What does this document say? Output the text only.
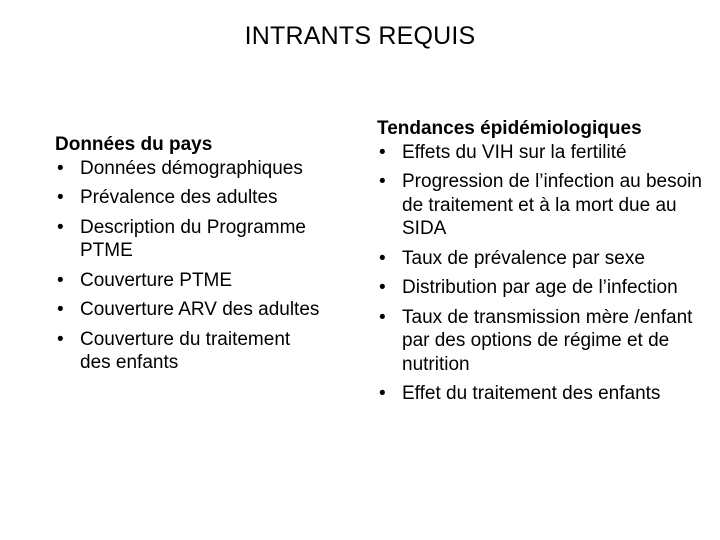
INTRANTS REQUIS
Données du pays
• Données démographiques
• Prévalence des adultes
• Description du Programme PTME
• Couverture PTME
• Couverture ARV des adultes
• Couverture du traitement des enfants
Tendances épidémiologiques
• Effets du VIH sur la fertilité
• Progression de l’infection au besoin de traitement et à la mort due au SIDA
• Taux de prévalence par sexe
• Distribution par age de l’infection
• Taux de transmission mère /enfant par des options de régime et de nutrition
• Effet du traitement des enfants
